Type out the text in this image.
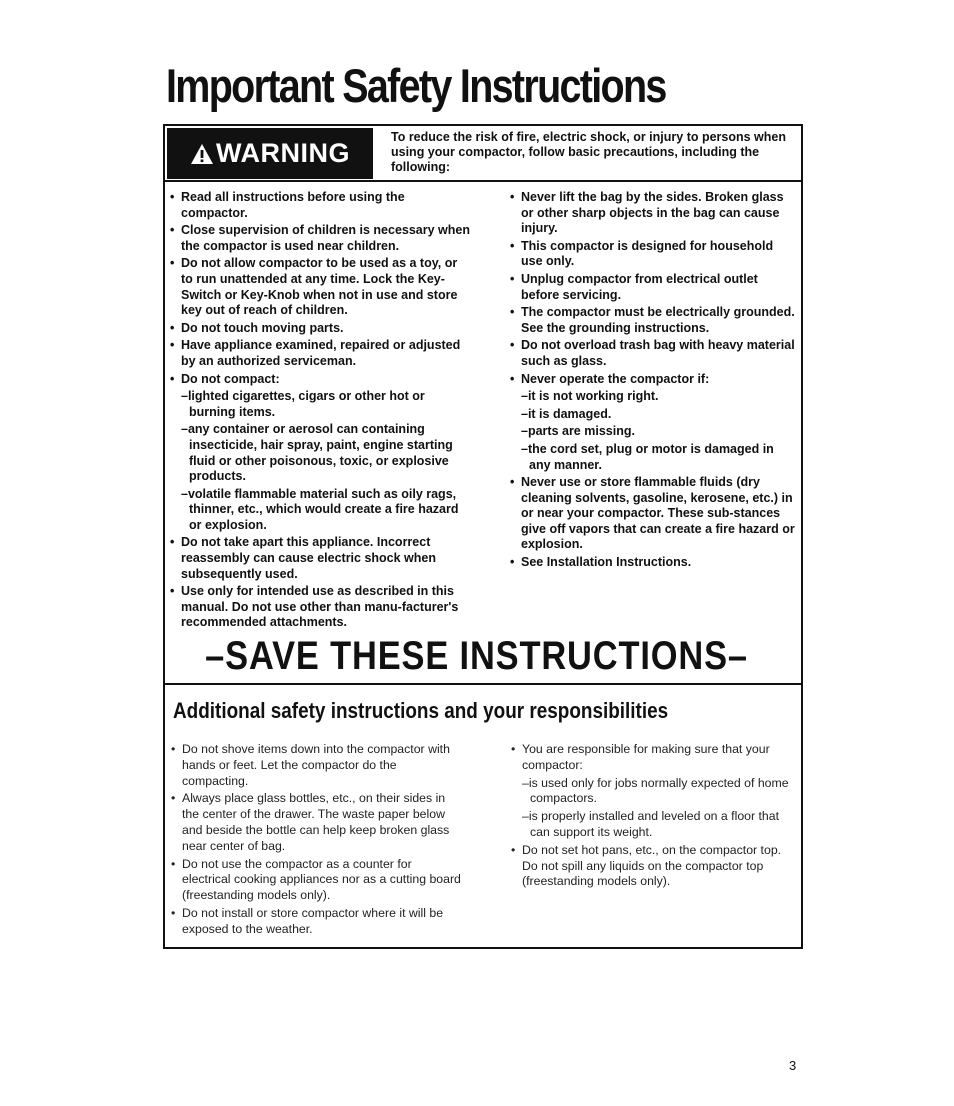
Important Safety Instructions
WARNING
To reduce the risk of fire, electric shock, or injury to persons when using your compactor, follow basic precautions, including the following:
• Read all instructions before using the compactor.
• Close supervision of children is necessary when the compactor is used near children.
• Do not allow compactor to be used as a toy, or to run unattended at any time. Lock the Key-Switch or Key-Knob when not in use and store key out of reach of children.
• Do not touch moving parts.
• Have appliance examined, repaired or adjusted by an authorized serviceman.
• Do not compact:
–lighted cigarettes, cigars or other hot or burning items.
–any container or aerosol can containing insecticide, hair spray, paint, engine starting fluid or other poisonous, toxic, or explosive products.
–volatile flammable material such as oily rags, thinner, etc., which would create a fire hazard or explosion.
• Do not take apart this appliance. Incorrect reassembly can cause electric shock when subsequently used.
• Use only for intended use as described in this manual. Do not use other than manu-facturer's recommended attachments.
• Never lift the bag by the sides. Broken glass or other sharp objects in the bag can cause injury.
• This compactor is designed for household use only.
• Unplug compactor from electrical outlet before servicing.
• The compactor must be electrically grounded. See the grounding instructions.
• Do not overload trash bag with heavy material such as glass.
• Never operate the compactor if:
–it is not working right.
–it is damaged.
–parts are missing.
–the cord set, plug or motor is damaged in any manner.
• Never use or store flammable fluids (dry cleaning solvents, gasoline, kerosene, etc.) in or near your compactor. These sub-stances give off vapors that can create a fire hazard or explosion.
• See Installation Instructions.
–SAVE THESE INSTRUCTIONS–
Additional safety instructions and your responsibilities
• Do not shove items down into the compactor with hands or feet. Let the compactor do the compacting.
• Always place glass bottles, etc., on their sides in the center of the drawer. The waste paper below and beside the bottle can help keep broken glass near center of bag.
• Do not use the compactor as a counter for electrical cooking appliances nor as a cutting board (freestanding models only).
• Do not install or store compactor where it will be exposed to the weather.
• You are responsible for making sure that your compactor:
–is used only for jobs normally expected of home compactors.
–is properly installed and leveled on a floor that can support its weight.
• Do not set hot pans, etc., on the compactor top. Do not spill any liquids on the compactor top (freestanding models only).
3
